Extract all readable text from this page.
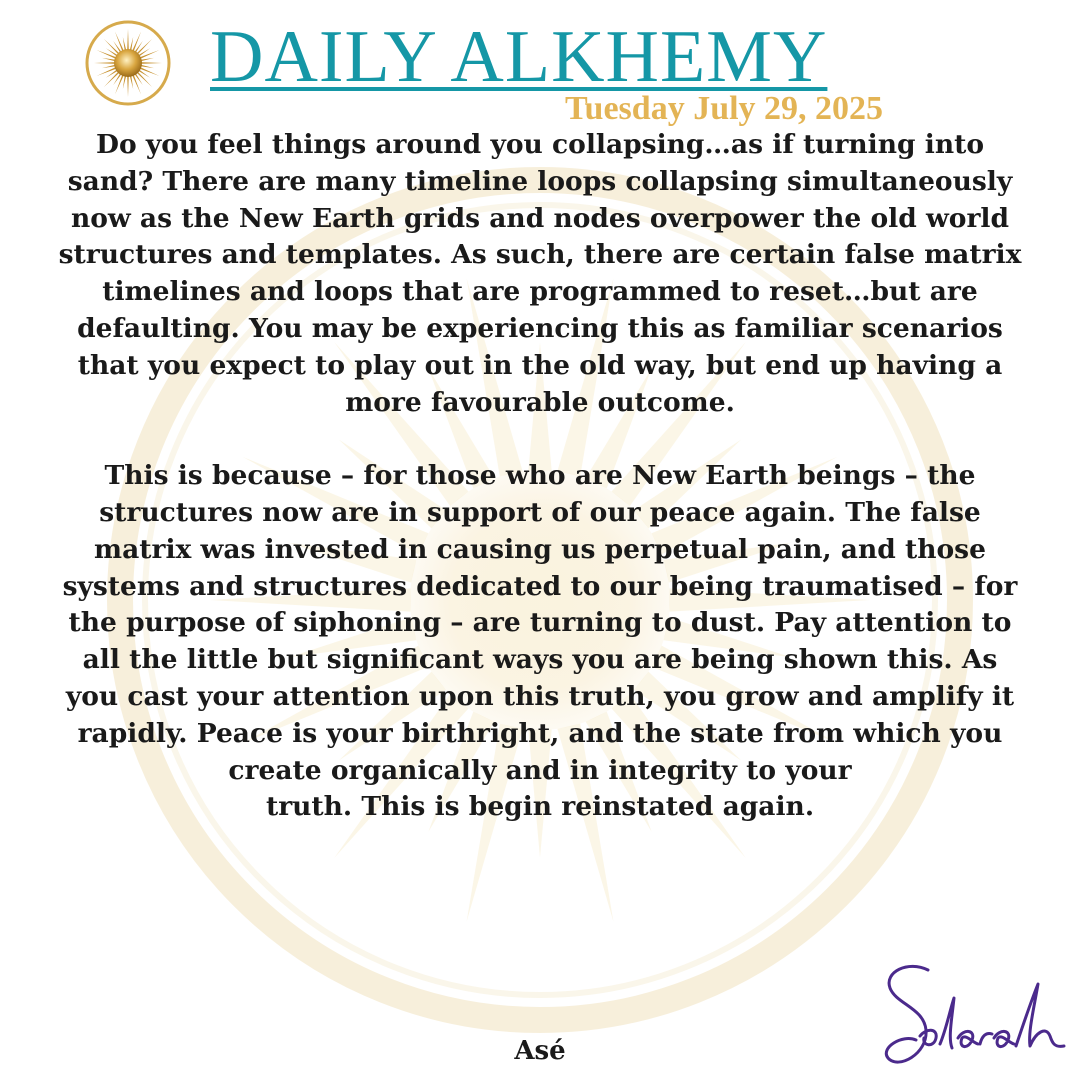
DAILY ALKHEMY
Tuesday July 29, 2025

Do you feel things around you collapsing…as if turning into
sand? There are many timeline loops collapsing simultaneously
now as the New Earth grids and nodes overpower the old world
structures and templates. As such, there are certain false matrix
timelines and loops that are programmed to reset…but are
defaulting. You may be experiencing this as familiar scenarios
that you expect to play out in the old way, but end up having a
more favourable outcome.

This is because – for those who are New Earth beings – the
structures now are in support of our peace again. The false
matrix was invested in causing us perpetual pain, and those
systems and structures dedicated to our being traumatised – for
the purpose of siphoning – are turning to dust. Pay attention to
all the little but significant ways you are being shown this. As
you cast your attention upon this truth, you grow and amplify it
rapidly. Peace is your birthright, and the state from which you
create organically and in integrity to your
truth. This is begin reinstated again.

Asé
